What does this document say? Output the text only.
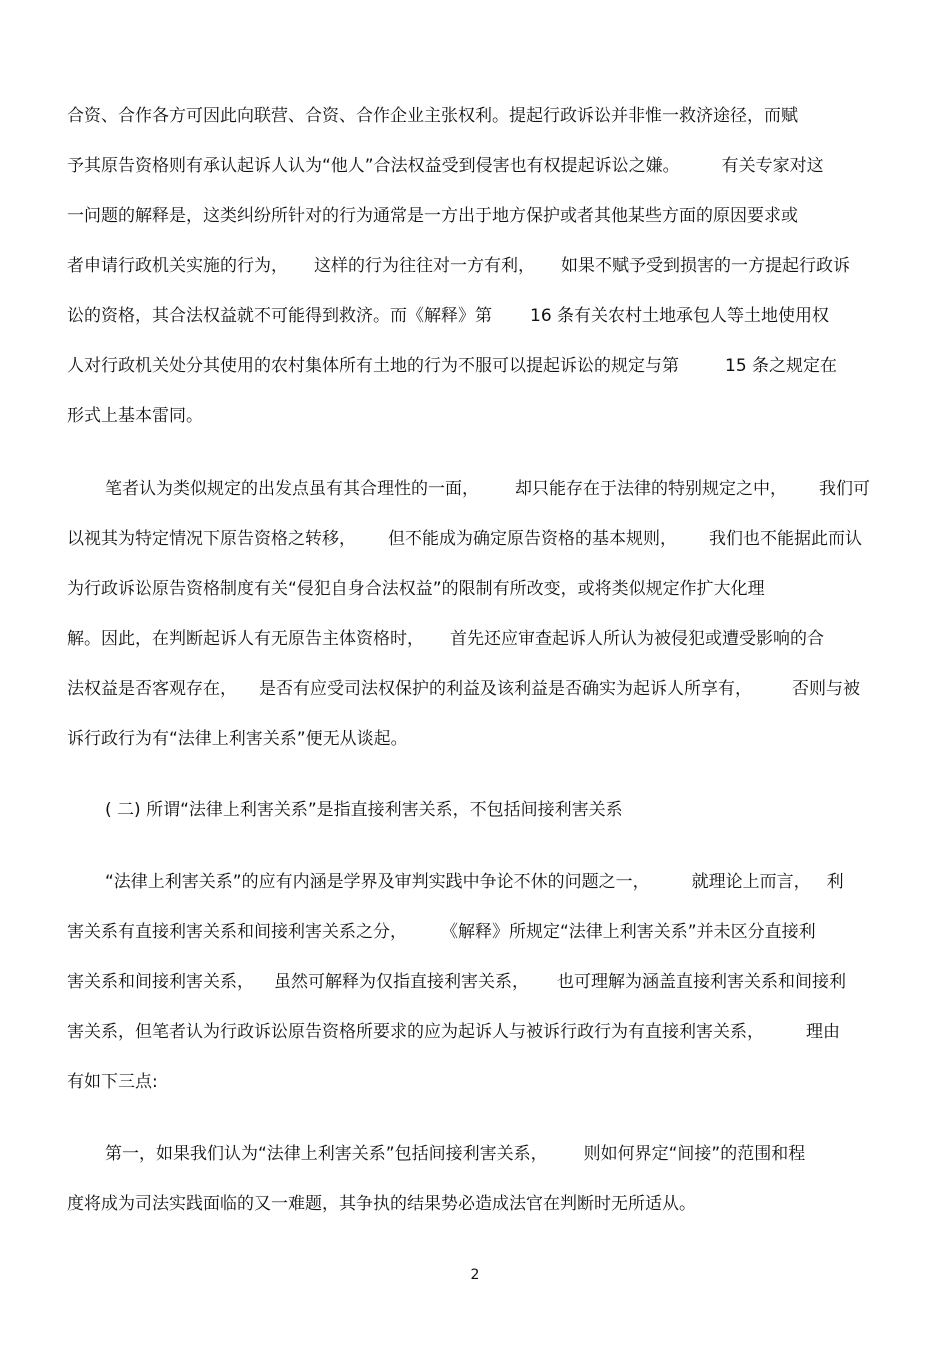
合资、合作各方可因此向联营、合资、合作企业主张权利。提起行政诉讼并非惟一救济途径，而赋
予其原告资格则有承认起诉人认为“他人”合法权益受到侵害也有权提起诉讼之嫌。 有关专家对这
一问题的解释是，这类纠纷所针对的行为通常是一方出于地方保护或者其他某些方面的原因要求或
者申请行政机关实施的行为， 这样的行为往往对一方有利， 如果不赋予受到损害的一方提起行政诉
讼的资格，其合法权益就不可能得到救济。而《解释》第 16 条有关农村土地承包人等土地使用权
人对行政机关处分其使用的农村集体所有土地的行为不服可以提起诉讼的规定与第	15 条之规定在
形式上基本雷同。
笔者认为类似规定的出发点虽有其合理性的一面， 却只能存在于法律的特别规定之中， 我们可
以视其为特定情况下原告资格之转移， 但不能成为确定原告资格的基本规则， 我们也不能据此而认
为行政诉讼原告资格制度有关“侵犯自身合法权益”的限制有所改变，或将类似规定作扩大化理
解。因此，在判断起诉人有无原告主体资格时， 首先还应审查起诉人所认为被侵犯或遭受影响的合
法权益是否客观存在， 是否有应受司法权保护的利益及该利益是否确实为起诉人所享有， 否则与被
诉行政行为有“法律上利害关系”便无从谈起。
( 二) 所谓“法律上利害关系”是指直接利害关系，不包括间接利害关系
“法律上利害关系”的应有内涵是学界及审判实践中争论不休的问题之一， 就理论上而言， 利
害关系有直接利害关系和间接利害关系之分， 《解释》所规定“法律上利害关系”并未区分直接利
害关系和间接利害关系， 虽然可解释为仅指直接利害关系， 也可理解为涵盖直接利害关系和间接利
害关系，但笔者认为行政诉讼原告资格所要求的应为起诉人与被诉行政行为有直接利害关系， 理由
有如下三点:
第一，如果我们认为“法律上利害关系”包括间接利害关系， 则如何界定“间接”的范围和程
度将成为司法实践面临的又一难题，其争执的结果势必造成法官在判断时无所适从。
2
